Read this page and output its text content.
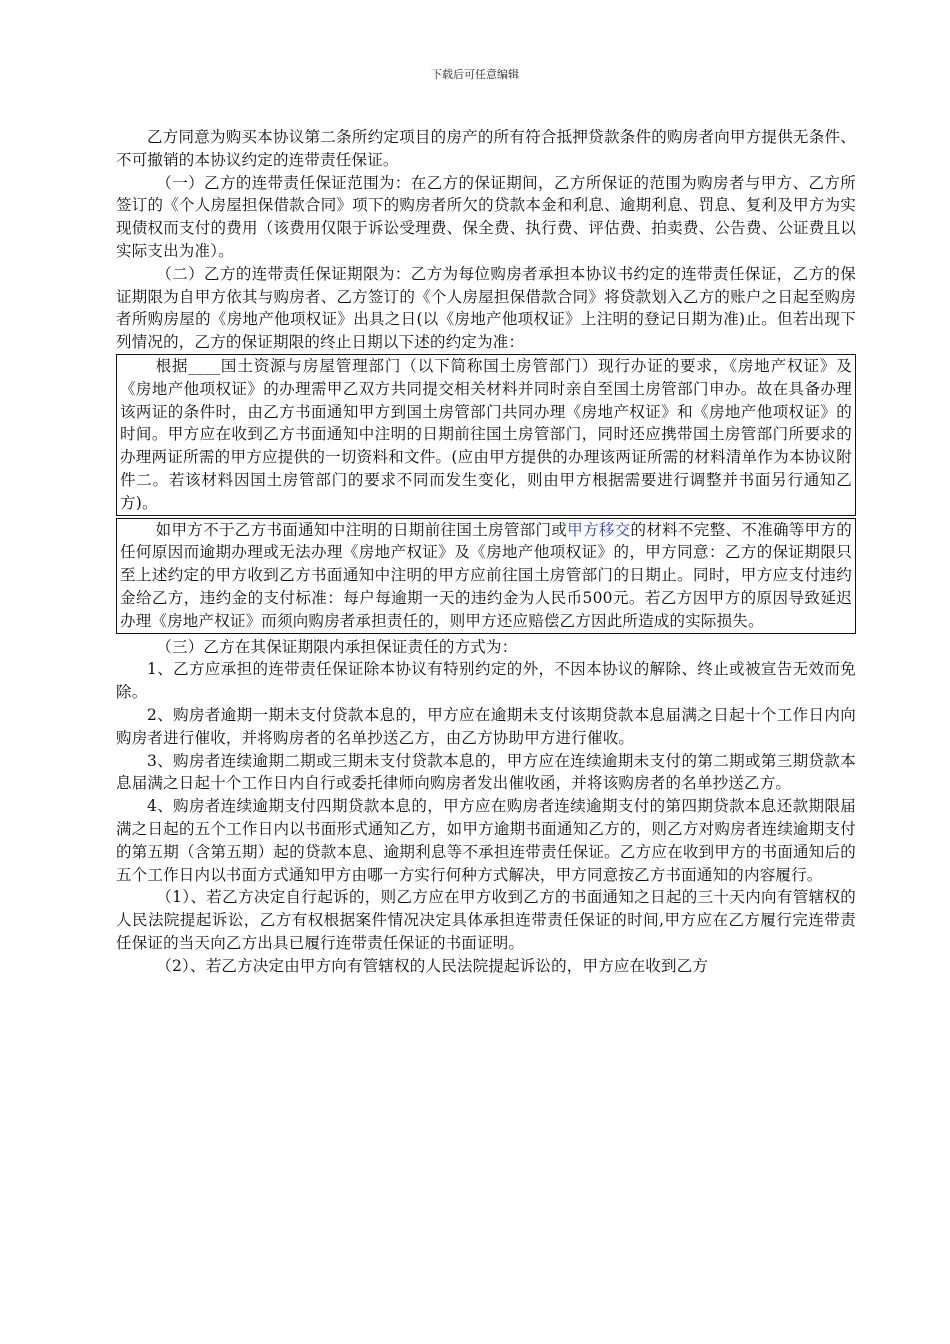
下载后可任意编辑

乙方同意为购买本协议第二条所约定项目的房产的所有符合抵押贷款条件的购房者向甲方提供无条件、不可撤销的本协议约定的连带责任保证。

（一）乙方的连带责任保证范围为：在乙方的保证期间，乙方所保证的范围为购房者与甲方、乙方所签订的《个人房屋担保借款合同》项下的购房者所欠的贷款本金和利息、逾期利息、罚息、复利及甲方为实现债权而支付的费用（该费用仅限于诉讼受理费、保全费、执行费、评估费、拍卖费、公告费、公证费且以实际支出为准）。

（二）乙方的连带责任保证期限为：乙方为每位购房者承担本协议书约定的连带责任保证，乙方的保证期限为自甲方依其与购房者、乙方签订的《个人房屋担保借款合同》将贷款划入乙方的账户之日起至购房者所购房屋的《房地产他项权证》出具之日(以《房地产他项权证》上注明的登记日期为准)止。但若出现下列情况的，乙方的保证期限的终止日期以下述的约定为准：

根据____国土资源与房屋管理部门（以下简称国土房管部门）现行办证的要求，《房地产权证》及《房地产他项权证》的办理需甲乙双方共同提交相关材料并同时亲自至国土房管部门申办。故在具备办理该两证的条件时，由乙方书面通知甲方到国土房管部门共同办理《房地产权证》和《房地产他项权证》的时间。甲方应在收到乙方书面通知中注明的日期前往国土房管部门，同时还应携带国土房管部门所要求的办理两证所需的甲方应提供的一切资料和文件。(应由甲方提供的办理该两证所需的材料清单作为本协议附件二。若该材料因国土房管部门的要求不同而发生变化，则由甲方根据需要进行调整并书面另行通知乙方)。

如甲方不于乙方书面通知中注明的日期前往国土房管部门或甲方移交的材料不完整、不准确等甲方的任何原因而逾期办理或无法办理《房地产权证》及《房地产他项权证》的，甲方同意：乙方的保证期限只至上述约定的甲方收到乙方书面通知中注明的甲方应前往国土房管部门的日期止。同时，甲方应支付违约金给乙方，违约金的支付标准：每户每逾期一天的违约金为人民币500元。若乙方因甲方的原因导致延迟办理《房地产权证》而须向购房者承担责任的，则甲方还应赔偿乙方因此所造成的实际损失。

（三）乙方在其保证期限内承担保证责任的方式为：

1、乙方应承担的连带责任保证除本协议有特别约定的外，不因本协议的解除、终止或被宣告无效而免除。

2、购房者逾期一期未支付贷款本息的，甲方应在逾期未支付该期贷款本息届满之日起十个工作日内向购房者进行催收，并将购房者的名单抄送乙方，由乙方协助甲方进行催收。

3、购房者连续逾期二期或三期未支付贷款本息的，甲方应在连续逾期未支付的第二期或第三期贷款本息届满之日起十个工作日内自行或委托律师向购房者发出催收函，并将该购房者的名单抄送乙方。

4、购房者连续逾期支付四期贷款本息的，甲方应在购房者连续逾期支付的第四期贷款本息还款期限届满之日起的五个工作日内以书面形式通知乙方，如甲方逾期书面通知乙方的，则乙方对购房者连续逾期支付的第五期（含第五期）起的贷款本息、逾期利息等不承担连带责任保证。乙方应在收到甲方的书面通知后的五个工作日内以书面方式通知甲方由哪一方实行何种方式解决，甲方同意按乙方书面通知的内容履行。

（1）、若乙方决定自行起诉的，则乙方应在甲方收到乙方的书面通知之日起的三十天内向有管辖权的人民法院提起诉讼，乙方有权根据案件情况决定具体承担连带责任保证的时间,甲方应在乙方履行完连带责任保证的当天向乙方出具已履行连带责任保证的书面证明。

（2）、若乙方决定由甲方向有管辖权的人民法院提起诉讼的，甲方应在收到乙方
